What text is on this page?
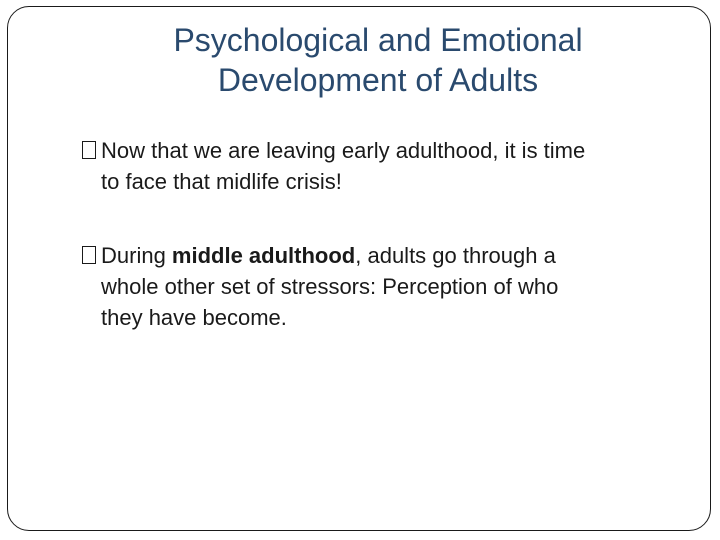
Psychological and Emotional
Development of Adults
Now that we are leaving early adulthood, it is time
to face that midlife crisis!
During middle adulthood, adults go through a
whole other set of stressors: Perception of who
they have become.
